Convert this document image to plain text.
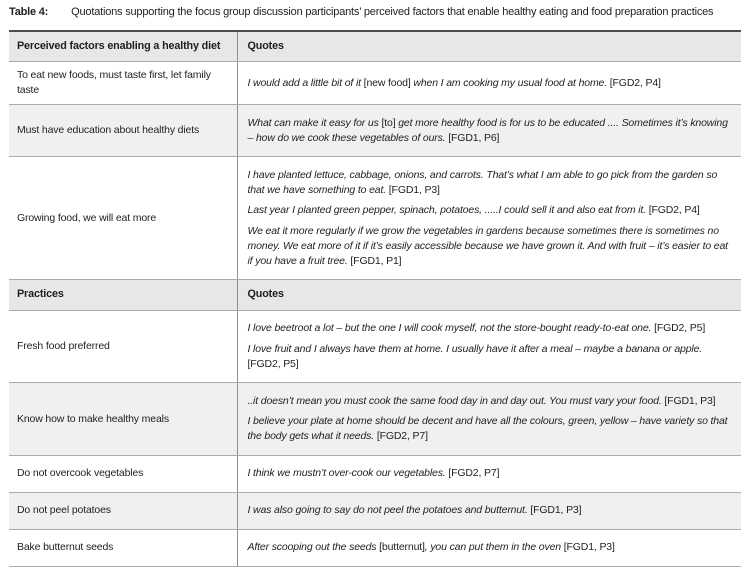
Table 4: Quotations supporting the focus group discussion participants’ perceived factors that enable healthy eating and food preparation practices
Perceived factors enabling a healthy diet	Quotes
To eat new foods, must taste first, let family taste	I would add a little bit of it [new food] when I am cooking my usual food at home. [FGD2, P4]

Must have education about healthy diets	What can make it easy for us [to] get more healthy food is for us to be educated .... Sometimes it’s knowing – how do we cook these vegetables of ours. [FGD1, P6]

Growing food, we will eat more	I have planted lettuce, cabbage, onions, and carrots. That’s what I am able to go pick from the garden so that we have something to eat. [FGD1, P3]

Last year I planted green pepper, spinach, potatoes, .....I could sell it and also eat from it. [FGD2, P4]

We eat it more regularly if we grow the vegetables in gardens because sometimes there is sometimes no money. We eat more of it if it’s easily accessible because we have grown it. And with fruit – it’s easier to eat if you have a fruit tree. [FGD1, P1]

Practices	Quotes
Fresh food preferred	I love beetroot a lot – but the one I will cook myself, not the store-bought ready-to-eat one. [FGD2, P5]

I love fruit and I always have them at home. I usually have it after a meal – maybe a banana or apple. [FGD2, P5]

Know how to make healthy meals	..it doesn’t mean you must cook the same food day in and day out. You must vary your food. [FGD1, P3]

I believe your plate at home should be decent and have all the colours, green, yellow – have variety so that the body gets what it needs. [FGD2, P7]

Do not overcook vegetables	I think we mustn’t over-cook our vegetables. [FGD2, P7]

Do not peel potatoes	I was also going to say do not peel the potatoes and butternut. [FGD1, P3]

Bake butternut seeds	After scooping out the seeds [butternut], you can put them in the oven [FGD1, P3]
